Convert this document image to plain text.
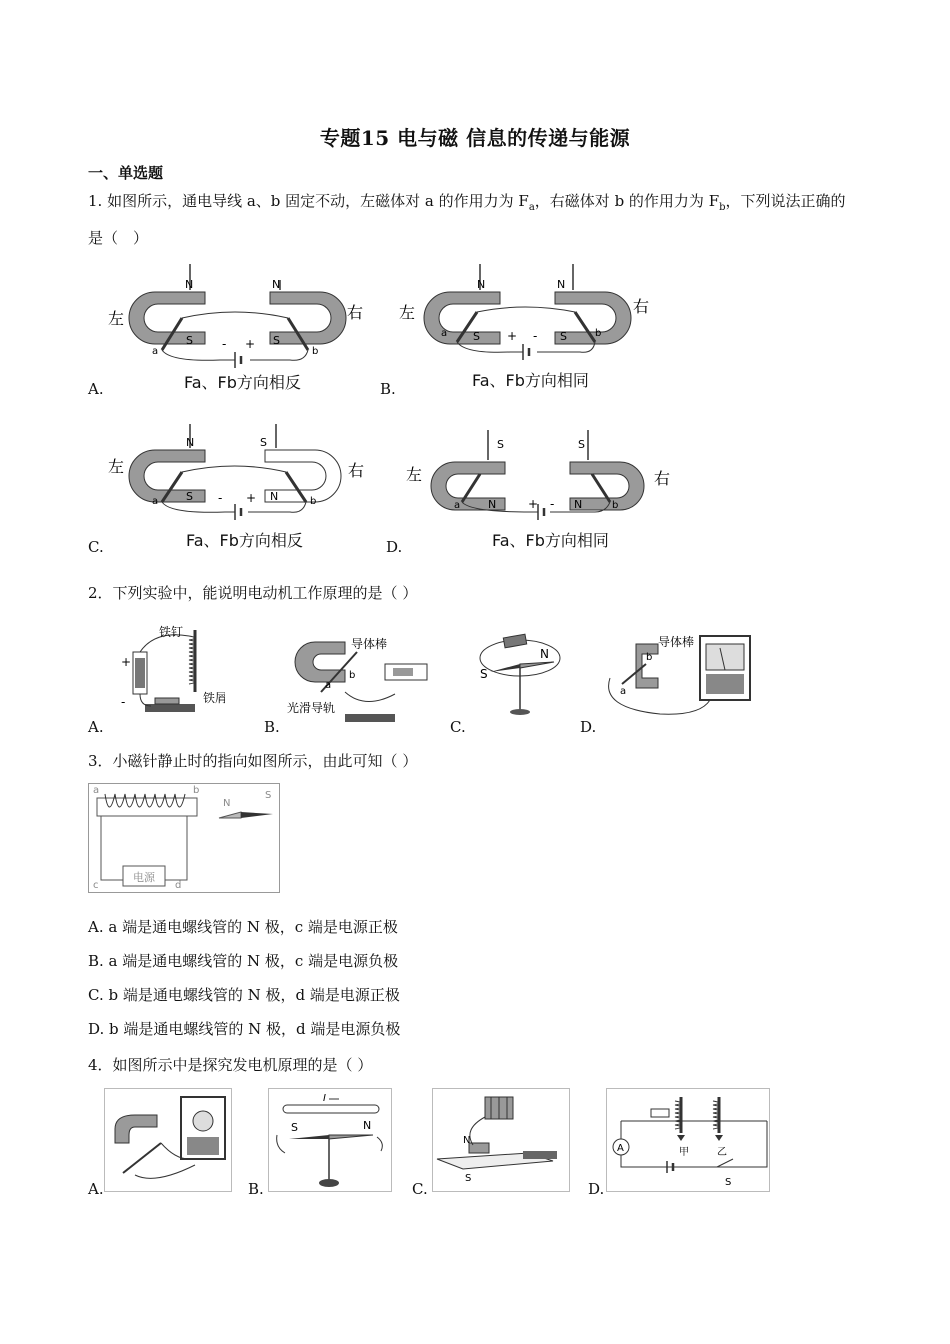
专题15 电与磁 信息的传递与能源
一、单选题
1. 如图所示，通电导线 a、b 固定不动，左磁体对 a 的作用力为 $F_a$，右磁体对 b 的作用力为 $F_b$，下列说法正确的
是（　）
左	右
N	N
S	S
- +
a	b
A.	Fa、Fb方向相反
左	右
N	N
S	S
+ -
a	b
B.	Fa、Fb方向相同
左	右
N	S
S	N
- +
a	b
C.	Fa、Fb方向相反
左	右
S	S
N	N
+ -
a	b
D.	Fa、Fb方向相同
2．下列实验中，能说明电动机工作原理的是（ ）
铁钉
铁屑
+
-
A.
导体棒
光滑导轨
a
b
B.
S
N
C.
导体棒
a
b
D.
3．小磁针静止时的指向如图所示，由此可知（ ）
a	b
c	d
电源
N
S
A. a 端是通电螺线管的 N 极，c 端是电源正极
B. a 端是通电螺线管的 N 极，c 端是电源负极
C. b 端是通电螺线管的 N 极，d 端是电源正极
D. b 端是通电螺线管的 N 极，d 端是电源负极
4．如图所示中是探究发电机原理的是（ ）
A.
I
S	N
B.
N
S
C.
A	甲	乙
S
D.
